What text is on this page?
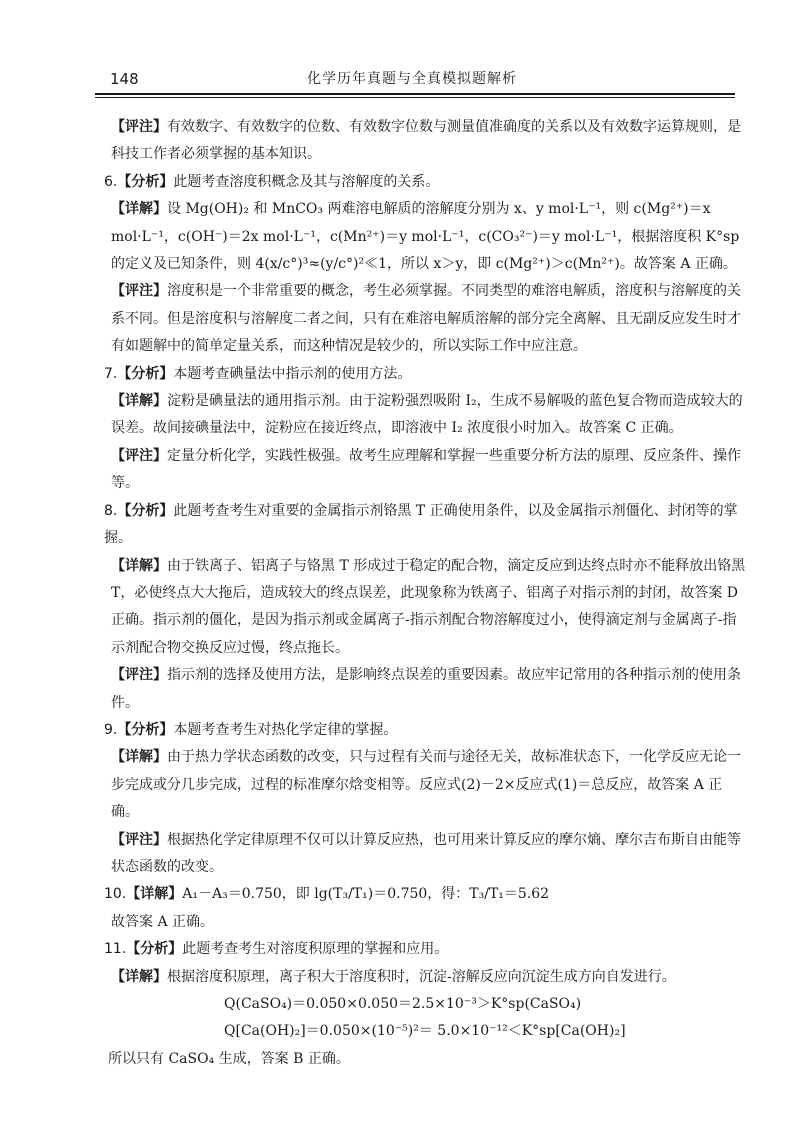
148	化学历年真题与全真模拟题解析

【评注】有效数字、有效数字的位数、有效数字位数与测量值准确度的关系以及有效数字运算规则，是科技工作者必须掌握的基本知识。

6.【分析】此题考查溶度积概念及其与溶解度的关系。

【详解】设 Mg(OH)₂ 和 MnCO₃ 两难溶电解质的溶解度分别为 x、y mol·L⁻¹，则 c(Mg²⁺)＝x mol·L⁻¹，c(OH⁻)＝2x mol·L⁻¹，c(Mn²⁺)＝y mol·L⁻¹，c(CO₃²⁻)＝y mol·L⁻¹，根据溶度积 K°sp 的定义及已知条件，则 4(x/c°)³≈(y/c°)²≪1，所以 x＞y，即 c(Mg²⁺)＞c(Mn²⁺)。故答案 A 正确。

【评注】溶度积是一个非常重要的概念，考生必须掌握。不同类型的难溶电解质，溶度积与溶解度的关系不同。但是溶度积与溶解度二者之间，只有在难溶电解质溶解的部分完全离解、且无副反应发生时才有如题解中的简单定量关系，而这种情况是较少的，所以实际工作中应注意。

7.【分析】本题考查碘量法中指示剂的使用方法。

【详解】淀粉是碘量法的通用指示剂。由于淀粉强烈吸附 I₂，生成不易解吸的蓝色复合物而造成较大的误差。故间接碘量法中，淀粉应在接近终点，即溶液中 I₂ 浓度很小时加入。故答案 C 正确。

【评注】定量分析化学，实践性极强。故考生应理解和掌握一些重要分析方法的原理、反应条件、操作等。

8.【分析】此题考查考生对重要的金属指示剂铬黑 T 正确使用条件，以及金属指示剂僵化、封闭等的掌握。

【详解】由于铁离子、铝离子与铬黑 T 形成过于稳定的配合物，滴定反应到达终点时亦不能释放出铬黑 T，必使终点大大拖后，造成较大的终点误差，此现象称为铁离子、铝离子对指示剂的封闭，故答案 D 正确。指示剂的僵化，是因为指示剂或金属离子-指示剂配合物溶解度过小，使得滴定剂与金属离子-指示剂配合物交换反应过慢，终点拖长。

【评注】指示剂的选择及使用方法，是影响终点误差的重要因素。故应牢记常用的各种指示剂的使用条件。

9.【分析】本题考查考生对热化学定律的掌握。

【详解】由于热力学状态函数的改变，只与过程有关而与途径无关，故标准状态下，一化学反应无论一步完成或分几步完成，过程的标准摩尔焓变相等。反应式(2)－2×反应式(1)＝总反应，故答案 A 正确。

【评注】根据热化学定律原理不仅可以计算反应热，也可用来计算反应的摩尔熵、摩尔吉布斯自由能等状态函数的改变。

10.【详解】A₁－A₃＝0.750，即 lg(T₃/T₁)＝0.750，得：T₃/T₁＝5.62

故答案 A 正确。

11.【分析】此题考查考生对溶度积原理的掌握和应用。

【详解】根据溶度积原理，离子积大于溶度积时，沉淀-溶解反应向沉淀生成方向自发进行。

Q(CaSO₄)＝0.050×0.050＝2.5×10⁻³＞K°sp(CaSO₄)

Q[Ca(OH)₂]＝0.050×(10⁻⁵)²＝ 5.0×10⁻¹²＜K°sp[Ca(OH)₂]

所以只有 CaSO₄ 生成，答案 B 正确。
